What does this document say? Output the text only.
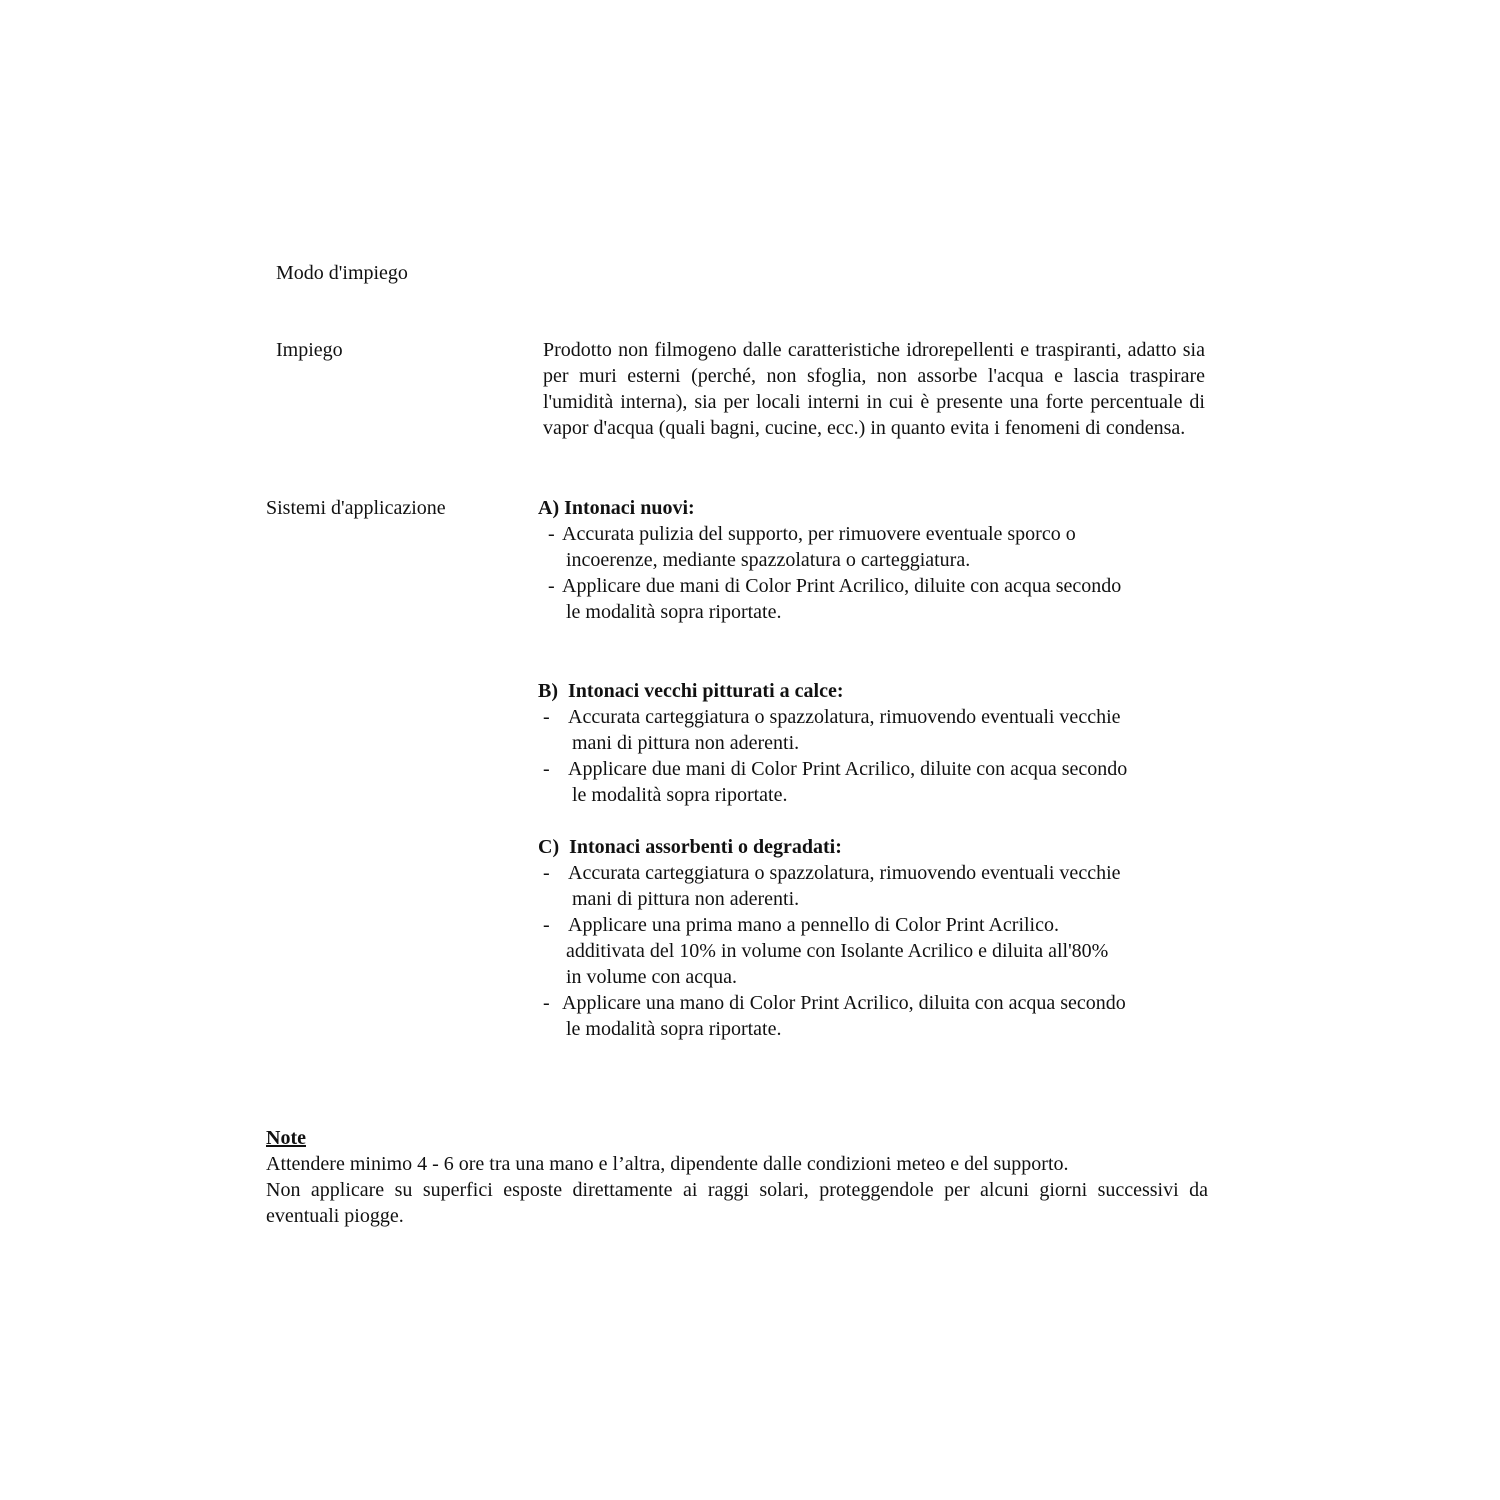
Modo d'impiego
Impiego	Prodotto non filmogeno dalle caratteristiche idrorepellenti e traspiranti, adatto sia per muri esterni (perché, non sfoglia, non assorbe l'acqua e lascia traspirare l'umidità interna), sia per locali interni in cui è presente una forte percentuale di vapor d'acqua (quali bagni, cucine, ecc.) in quanto evita i fenomeni di condensa.
Sistemi d'applicazione	A) Intonaci nuovi:
- Accurata pulizia del supporto, per rimuovere eventuale sporco o
incoerenze, mediante spazzolatura o carteggiatura.
- Applicare due mani di Color Print Acrilico, diluite con acqua secondo
le modalità sopra riportate.
B)  Intonaci vecchi pitturati a calce:
- Accurata carteggiatura o spazzolatura, rimuovendo eventuali vecchie
mani di pittura non aderenti.
- Applicare due mani di Color Print Acrilico, diluite con acqua secondo
le modalità sopra riportate.
C)  Intonaci assorbenti o degradati:
- Accurata carteggiatura o spazzolatura, rimuovendo eventuali vecchie
mani di pittura non aderenti.
- Applicare una prima mano a pennello di Color Print Acrilico.
additivata del 10% in volume con Isolante Acrilico e diluita all'80%
in volume con acqua.
- Applicare una mano di Color Print Acrilico, diluita con acqua secondo
le modalità sopra riportate.
Note
Attendere minimo 4 - 6 ore tra una mano e l’altra, dipendente dalle condizioni meteo e del supporto.
Non applicare su superfici esposte direttamente ai raggi solari, proteggendole per alcuni giorni successivi da eventuali piogge.
